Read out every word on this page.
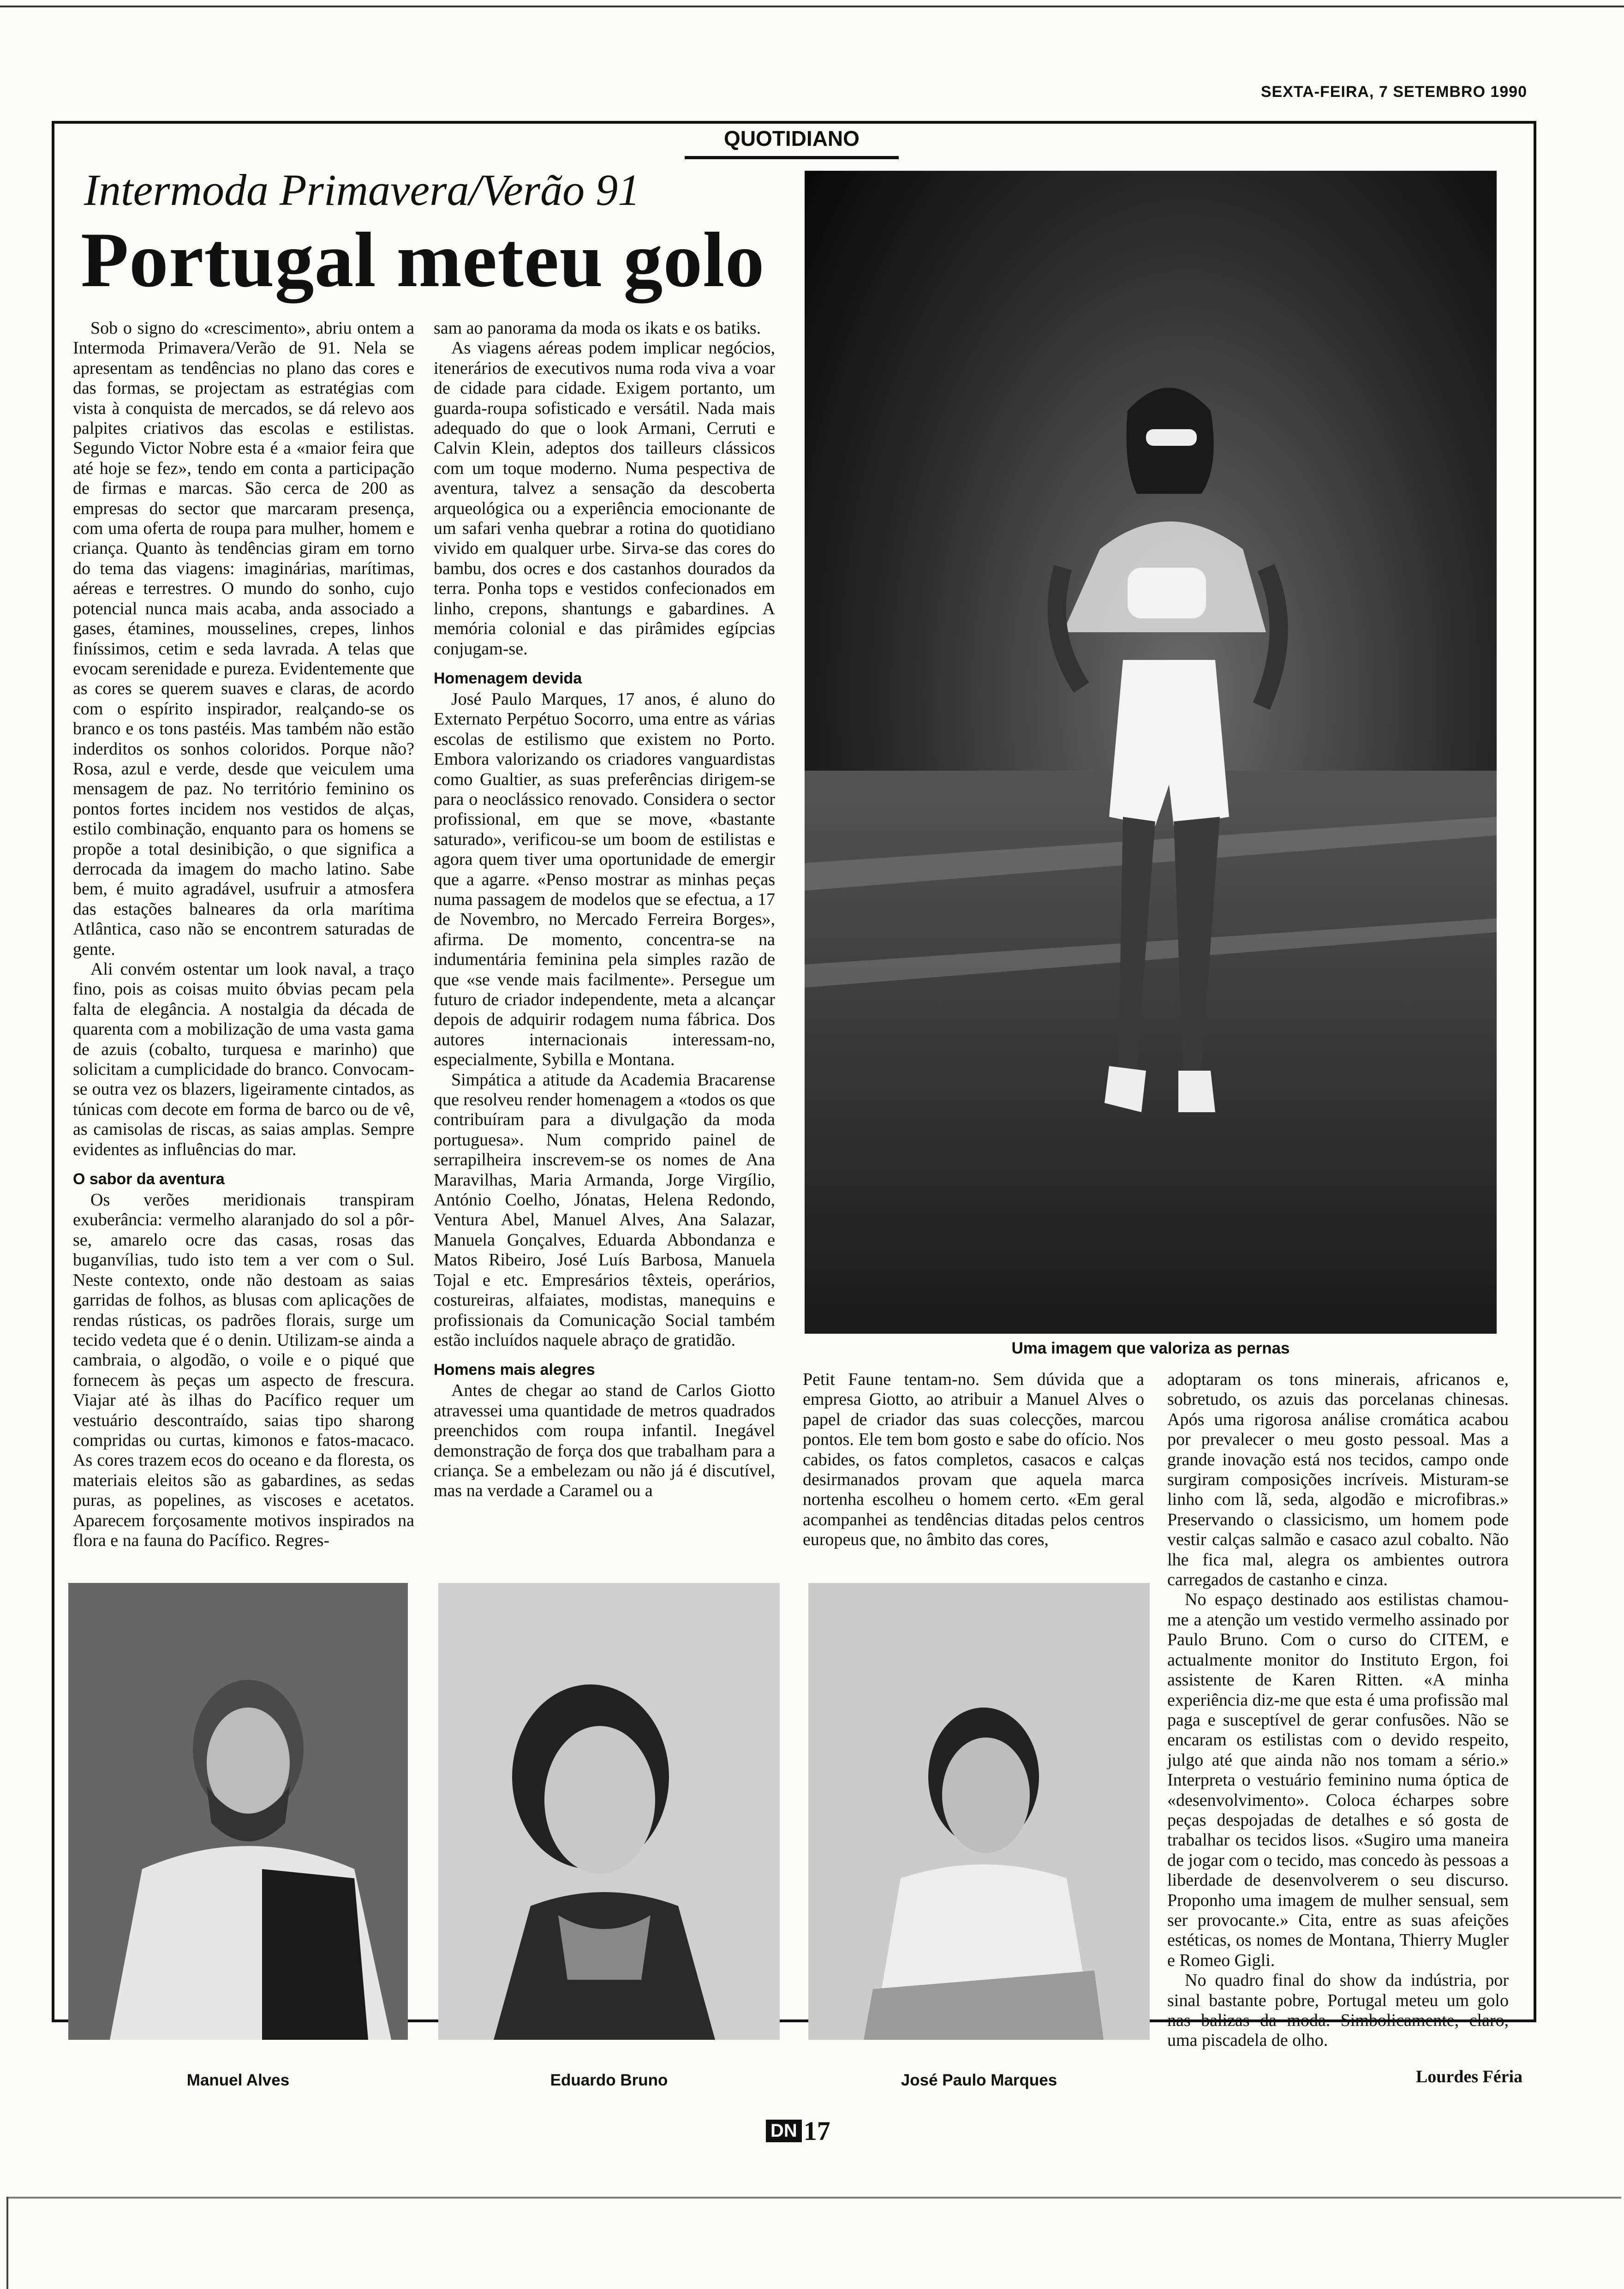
SEXTA-FEIRA, 7 SETEMBRO 1990
QUOTIDIANO
Intermoda Primavera/Verão 91
Portugal meteu golo

Sob o signo do «crescimento», abriu ontem a Intermoda Primavera/Verão de 91. Nela se apresentam as tendências no plano das cores e das formas, se projectam as estratégias com vista à conquista de mercados, se dá relevo aos palpites criativos das escolas e estilistas. Segundo Victor Nobre esta é a «maior feira que até hoje se fez», tendo em conta a participação de firmas e marcas. São cerca de 200 as empresas do sector que marcaram presença, com uma oferta de roupa para mulher, homem e criança. Quanto às tendências giram em torno do tema das viagens: imaginárias, marítimas, aéreas e terrestres. O mundo do sonho, cujo potencial nunca mais acaba, anda associado a gases, étamines, mousselines, crepes, linhos finíssimos, cetim e seda lavrada. A telas que evocam serenidade e pureza. Evidentemente que as cores se querem suaves e claras, de acordo com o espírito inspirador, realçando-se os branco e os tons pastéis. Mas também não estão inderditos os sonhos coloridos. Porque não? Rosa, azul e verde, desde que veiculem uma mensagem de paz. No território feminino os pontos fortes incidem nos vestidos de alças, estilo combinação, enquanto para os homens se propõe a total desinibição, o que significa a derrocada da imagem do macho latino. Sabe bem, é muito agradável, usufruir a atmosfera das estações balneares da orla marítima Atlântica, caso não se encontrem saturadas de gente.

Ali convém ostentar um look naval, a traço fino, pois as coisas muito óbvias pecam pela falta de elegância. A nostalgia da década de quarenta com a mobilização de uma vasta gama de azuis (cobalto, turquesa e marinho) que solicitam a cumplicidade do branco. Convocam-se outra vez os blazers, ligeiramente cintados, as túnicas com decote em forma de barco ou de vê, as camisolas de riscas, as saias amplas. Sempre evidentes as influências do mar.

O sabor da aventura

Os verões meridionais transpiram exuberância: vermelho alaranjado do sol a pôr-se, amarelo ocre das casas, rosas das buganvílias, tudo isto tem a ver com o Sul. Neste contexto, onde não destoam as saias garridas de folhos, as blusas com aplicações de rendas rústicas, os padrões florais, surge um tecido vedeta que é o denin. Utilizam-se ainda a cambraia, o algodão, o voile e o piqué que fornecem às peças um aspecto de frescura. Viajar até às ilhas do Pacífico requer um vestuário descontraído, saias tipo sharong compridas ou curtas, kimonos e fatos-macaco. As cores trazem ecos do oceano e da floresta, os materiais eleitos são as gabardines, as sedas puras, as popelines, as viscoses e acetatos. Aparecem forçosamente motivos inspirados na flora e na fauna do Pacífico. Regres-

sam ao panorama da moda os ikats e os batiks.

As viagens aéreas podem implicar negócios, itenerários de executivos numa roda viva a voar de cidade para cidade. Exigem portanto, um guarda-roupa sofisticado e versátil. Nada mais adequado do que o look Armani, Cerruti e Calvin Klein, adeptos dos tailleurs clássicos com um toque moderno. Numa pespectiva de aventura, talvez a sensação da descoberta arqueológica ou a experiência emocionante de um safari venha quebrar a rotina do quotidiano vivido em qualquer urbe. Sirva-se das cores do bambu, dos ocres e dos castanhos dourados da terra. Ponha tops e vestidos confecionados em linho, crepons, shantungs e gabardines. A memória colonial e das pirâmides egípcias conjugam-se.

Homenagem devida

José Paulo Marques, 17 anos, é aluno do Externato Perpétuo Socorro, uma entre as várias escolas de estilismo que existem no Porto. Embora valorizando os criadores vanguardistas como Gualtier, as suas preferências dirigem-se para o neoclássico renovado. Considera o sector profissional, em que se move, «bastante saturado», verificou-se um boom de estilistas e agora quem tiver uma oportunidade de emergir que a agarre. «Penso mostrar as minhas peças numa passagem de modelos que se efectua, a 17 de Novembro, no Mercado Ferreira Borges», afirma. De momento, concentra-se na indumentária feminina pela simples razão de que «se vende mais facilmente». Persegue um futuro de criador independente, meta a alcançar depois de adquirir rodagem numa fábrica. Dos autores internacionais interessam-no, especialmente, Sybilla e Montana.

Simpática a atitude da Academia Bracarense que resolveu render homenagem a «todos os que contribuíram para a divulgação da moda portuguesa». Num comprido painel de serrapilheira inscrevem-se os nomes de Ana Maravilhas, Maria Armanda, Jorge Virgílio, António Coelho, Jónatas, Helena Redondo, Ventura Abel, Manuel Alves, Ana Salazar, Manuela Gonçalves, Eduarda Abbondanza e Matos Ribeiro, José Luís Barbosa, Manuela Tojal e etc. Empresários têxteis, operários, costureiras, alfaiates, modistas, manequins e profissionais da Comunicação Social também estão incluídos naquele abraço de gratidão.

Homens mais alegres

Antes de chegar ao stand de Carlos Giotto atravessei uma quantidade de metros quadrados preenchidos com roupa infantil. Inegável demonstração de força dos que trabalham para a criança. Se a embelezam ou não já é discutível, mas na verdade a Caramel ou a

Uma imagem que valoriza as pernas

Petit Faune tentam-no. Sem dúvida que a empresa Giotto, ao atribuir a Manuel Alves o papel de criador das suas colecções, marcou pontos. Ele tem bom gosto e sabe do ofício. Nos cabides, os fatos completos, casacos e calças desirmanados provam que aquela marca nortenha escolheu o homem certo. «Em geral acompanhei as tendências ditadas pelos centros europeus que, no âmbito das cores,

adoptaram os tons minerais, africanos e, sobretudo, os azuis das porcelanas chinesas. Após uma rigorosa análise cromática acabou por prevalecer o meu gosto pessoal. Mas a grande inovação está nos tecidos, campo onde surgiram composições incríveis. Misturam-se linho com lã, seda, algodão e microfibras.» Preservando o classicismo, um homem pode vestir calças salmão e casaco azul cobalto. Não lhe fica mal, alegra os ambientes outrora carregados de castanho e cinza.

No espaço destinado aos estilistas chamou-me a atenção um vestido vermelho assinado por Paulo Bruno. Com o curso do CITEM, e actualmente monitor do Instituto Ergon, foi assistente de Karen Ritten. «A minha experiência diz-me que esta é uma profissão mal paga e susceptível de gerar confusões. Não se encaram os estilistas com o devido respeito, julgo até que ainda não nos tomam a sério.» Interpreta o vestuário feminino numa óptica de «desenvolvimento». Coloca écharpes sobre peças despojadas de detalhes e só gosta de trabalhar os tecidos lisos. «Sugiro uma maneira de jogar com o tecido, mas concedo às pessoas a liberdade de desenvolverem o seu discurso. Proponho uma imagem de mulher sensual, sem ser provocante.» Cita, entre as suas afeições estéticas, os nomes de Montana, Thierry Mugler e Romeo Gigli.

No quadro final do show da indústria, por sinal bastante pobre, Portugal meteu um golo nas balizas da moda. Simbolicamente, claro, uma piscadela de olho.

Lourdes Féria
Manuel Alves	Eduardo Bruno	José Paulo Marques
DN 17
